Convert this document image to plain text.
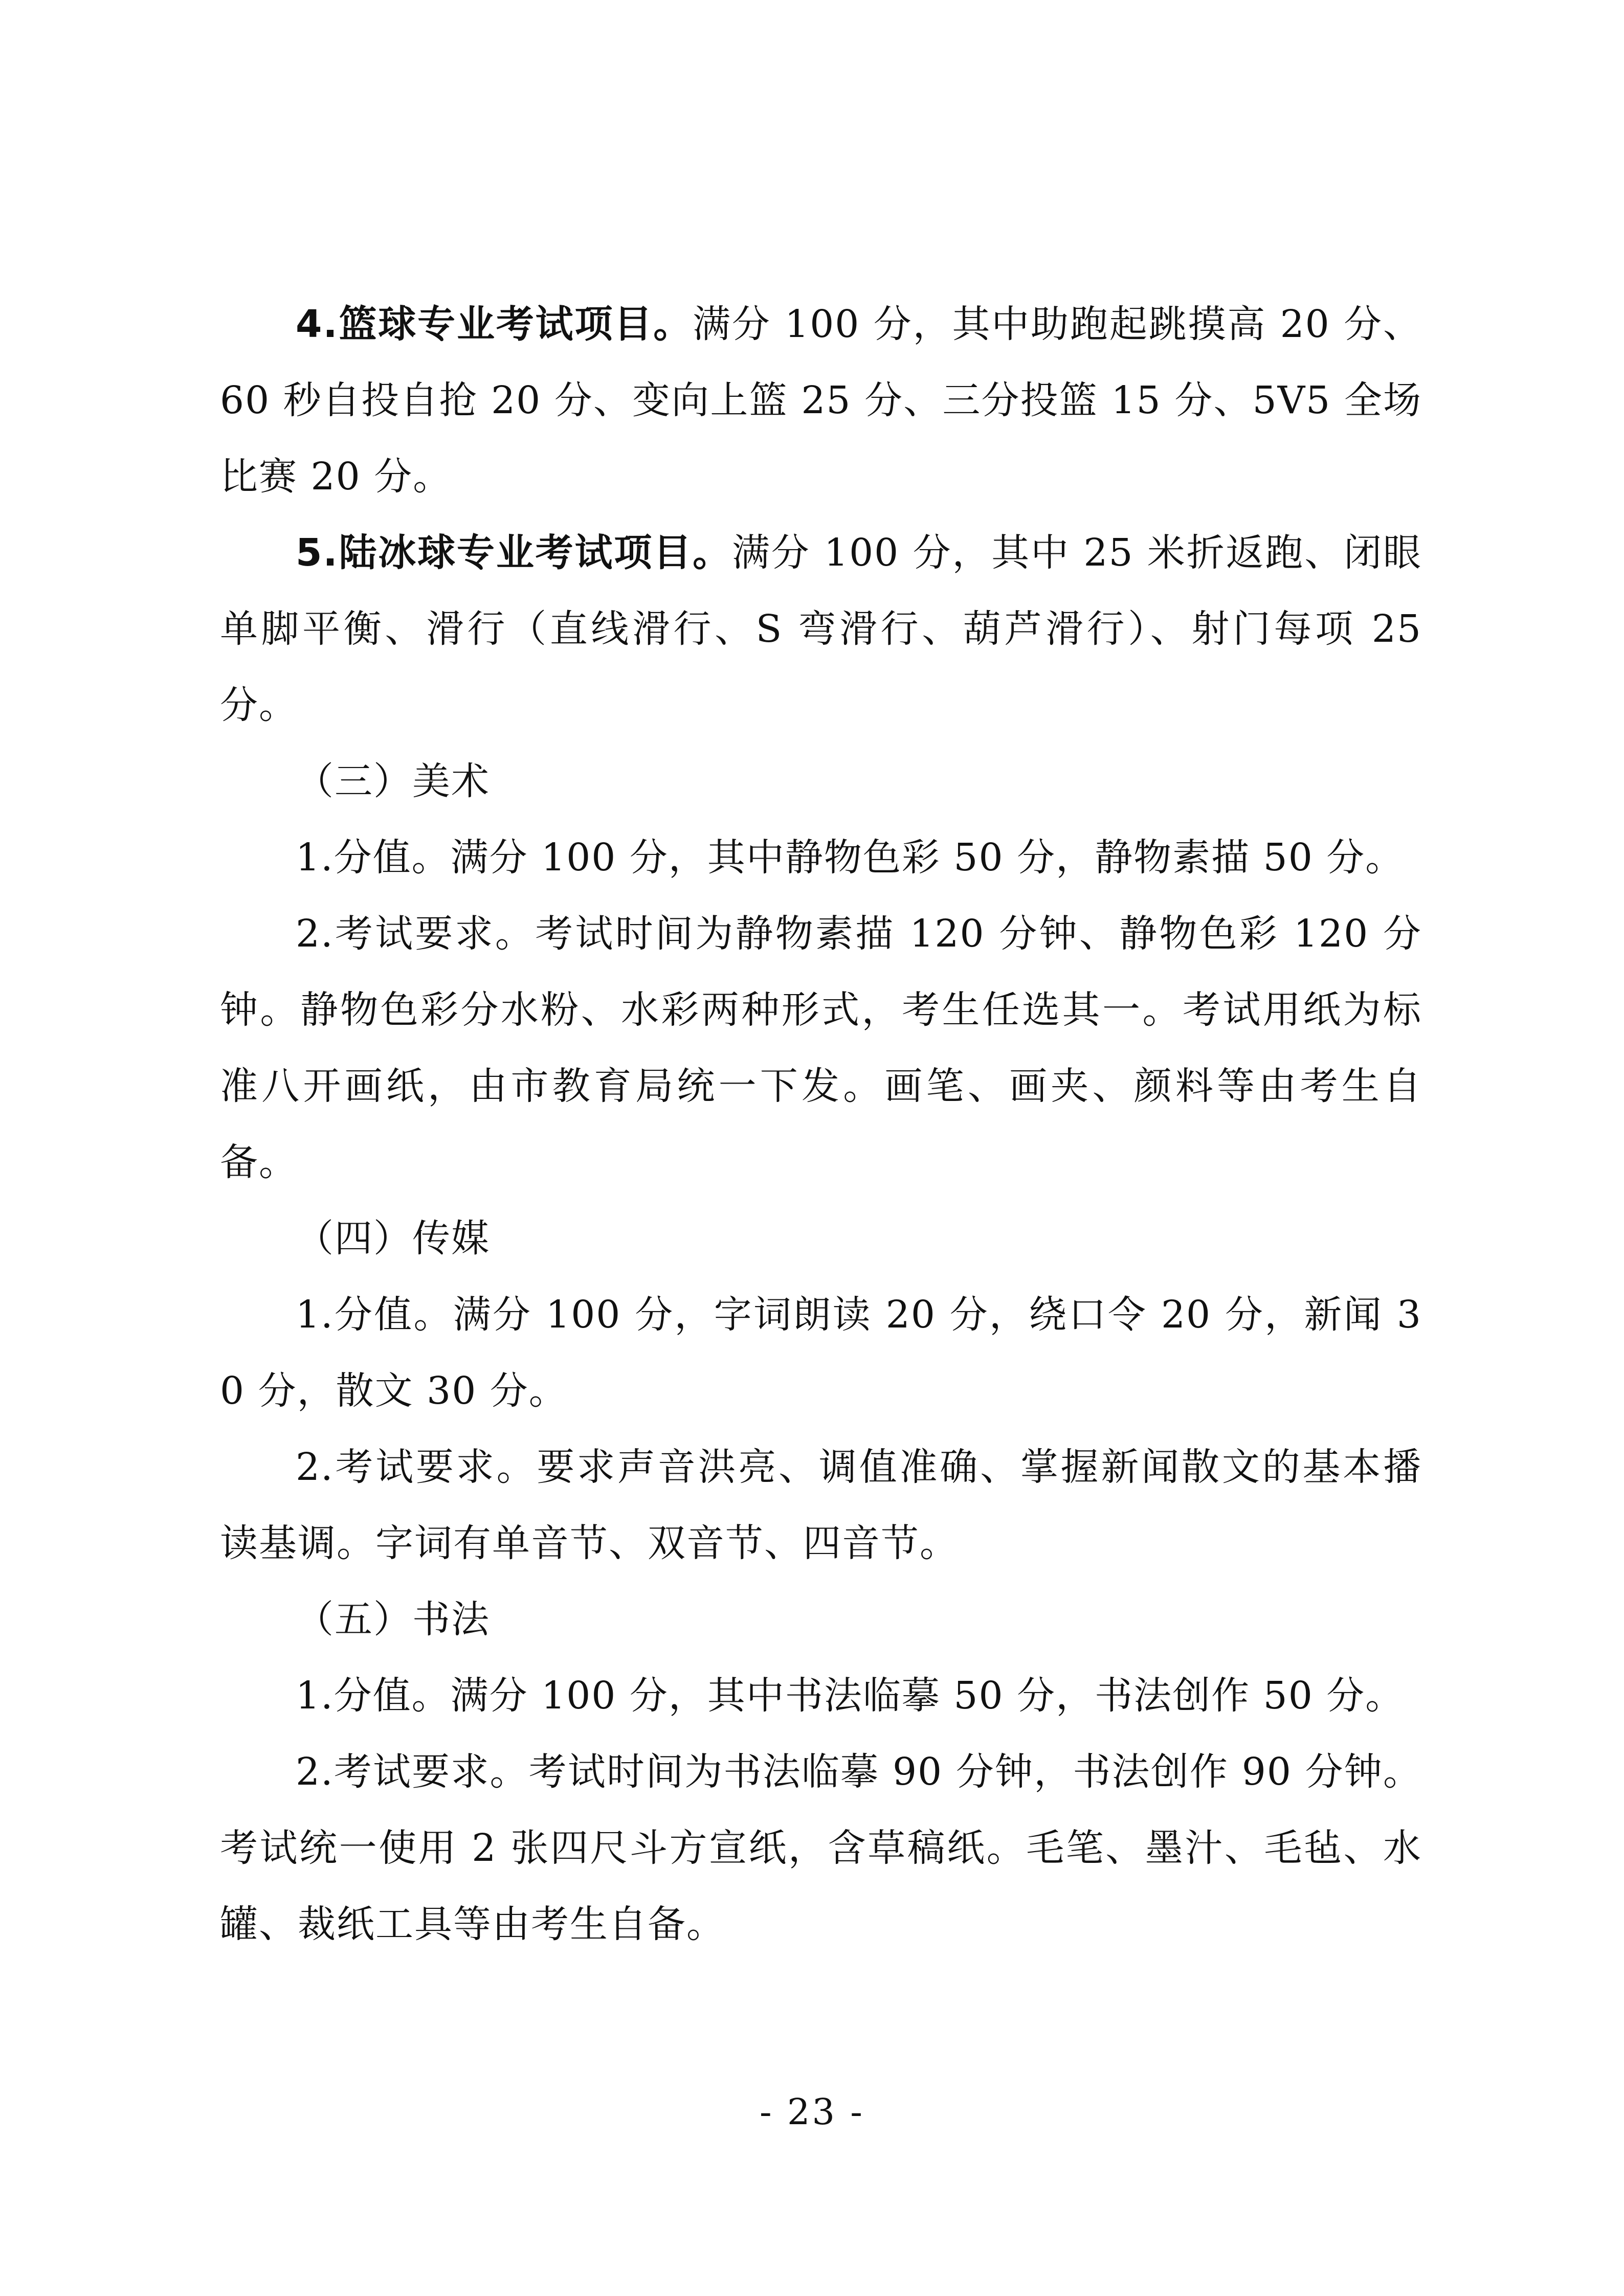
4.篮球专业考试项目。满分 100 分，其中助跑起跳摸高 20 分、60 秒自投自抢 20 分、变向上篮 25 分、三分投篮 15 分、5V5 全场比赛 20 分。

5.陆冰球专业考试项目。满分 100 分，其中 25 米折返跑、闭眼单脚平衡、滑行（直线滑行、S 弯滑行、葫芦滑行）、射门每项 25 分。

（三）美术

1.分值。满分 100 分，其中静物色彩 50 分，静物素描 50 分。

2.考试要求。考试时间为静物素描 120 分钟、静物色彩 120 分钟。静物色彩分水粉、水彩两种形式，考生任选其一。考试用纸为标准八开画纸，由市教育局统一下发。画笔、画夹、颜料等由考生自备。

（四）传媒

1.分值。满分 100 分，字词朗读 20 分，绕口令 20 分，新闻 30 分，散文 30 分。

2.考试要求。要求声音洪亮、调值准确、掌握新闻散文的基本播读基调。字词有单音节、双音节、四音节。

（五）书法

1.分值。满分 100 分，其中书法临摹 50 分，书法创作 50 分。

2.考试要求。考试时间为书法临摹 90 分钟，书法创作 90 分钟。考试统一使用 2 张四尺斗方宣纸，含草稿纸。毛笔、墨汁、毛毡、水罐、裁纸工具等由考生自备。

- 23 -
